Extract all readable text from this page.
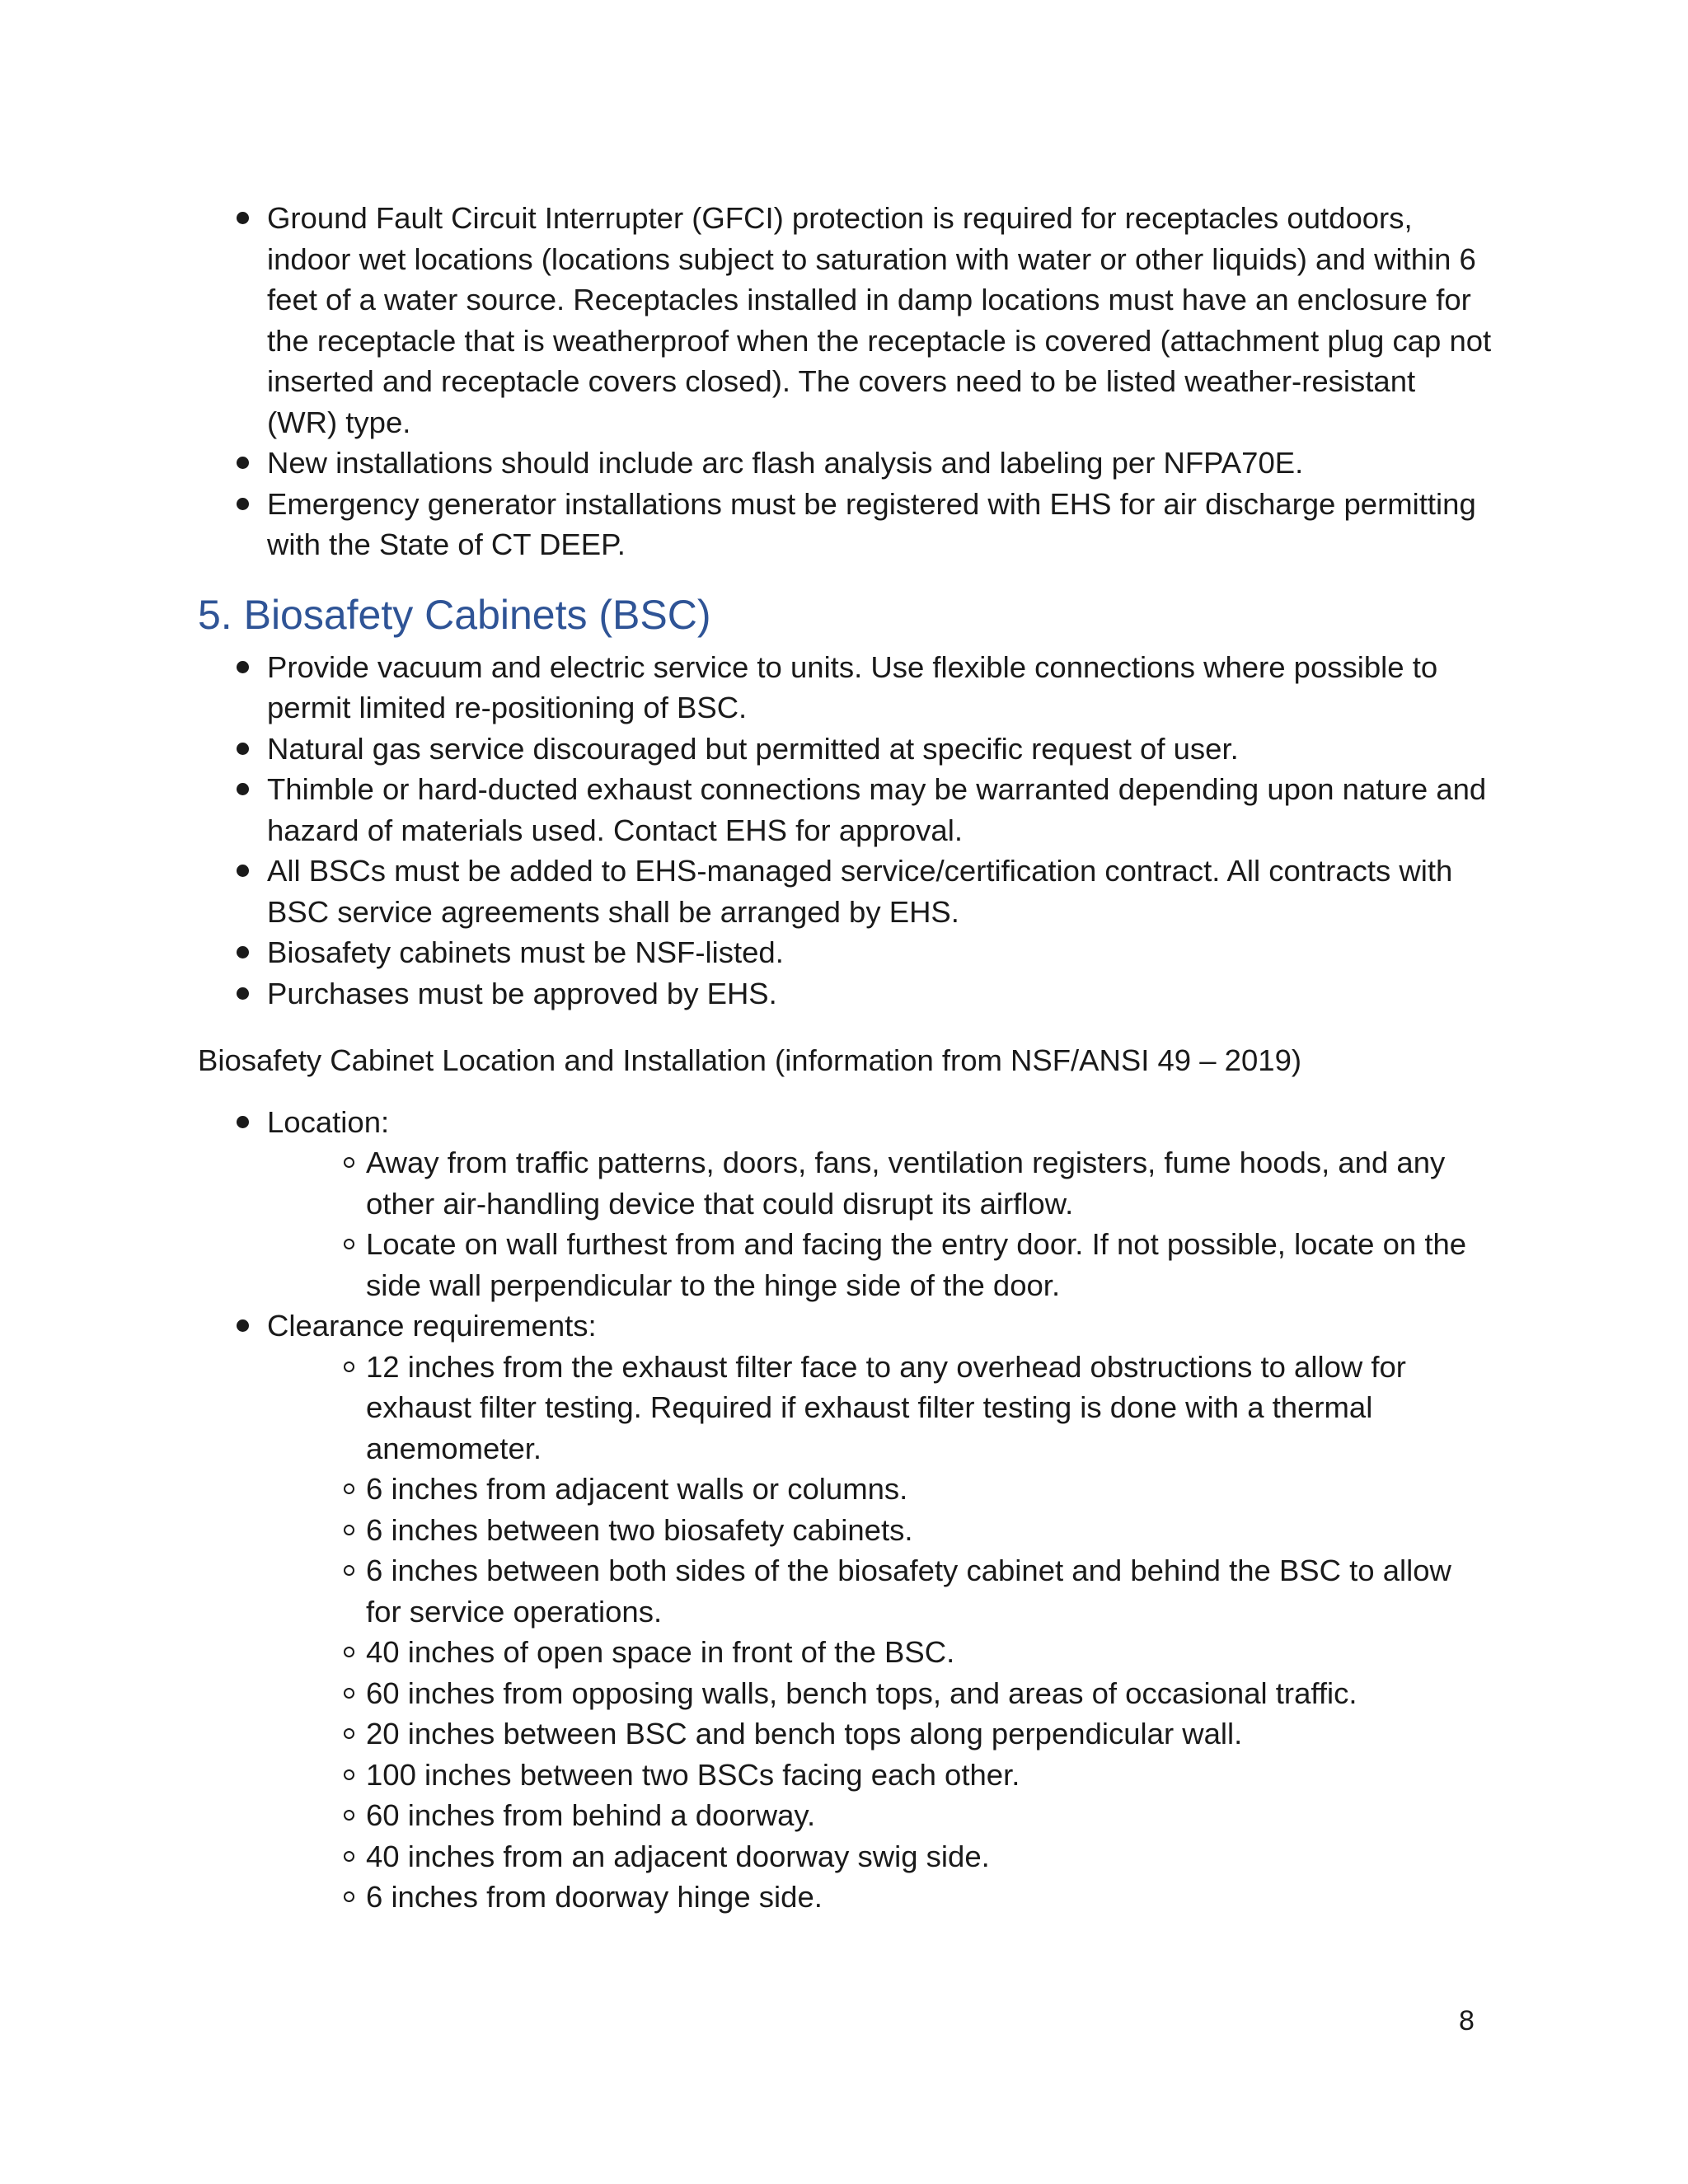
Ground Fault Circuit Interrupter (GFCI) protection is required for receptacles outdoors, indoor wet locations (locations subject to saturation with water or other liquids) and within 6 feet of a water source. Receptacles installed in damp locations must have an enclosure for the receptacle that is weatherproof when the receptacle is covered (attachment plug cap not inserted and receptacle covers closed). The covers need to be listed weather-resistant (WR) type.
New installations should include arc flash analysis and labeling per NFPA70E.
Emergency generator installations must be registered with EHS for air discharge permitting with the State of CT DEEP.
5. Biosafety Cabinets (BSC)
Provide vacuum and electric service to units. Use flexible connections where possible to permit limited re-positioning of BSC.
Natural gas service discouraged but permitted at specific request of user.
Thimble or hard-ducted exhaust connections may be warranted depending upon nature and hazard of materials used. Contact EHS for approval.
All BSCs must be added to EHS-managed service/certification contract. All contracts with BSC service agreements shall be arranged by EHS.
Biosafety cabinets must be NSF-listed.
Purchases must be approved by EHS.

Biosafety Cabinet Location and Installation (information from NSF/ANSI 49 – 2019)

Location:
Away from traffic patterns, doors, fans, ventilation registers, fume hoods, and any other air-handling device that could disrupt its airflow.
Locate on wall furthest from and facing the entry door. If not possible, locate on the side wall perpendicular to the hinge side of the door.
Clearance requirements:
12 inches from the exhaust filter face to any overhead obstructions to allow for exhaust filter testing. Required if exhaust filter testing is done with a thermal anemometer.
6 inches from adjacent walls or columns.
6 inches between two biosafety cabinets.
6 inches between both sides of the biosafety cabinet and behind the BSC to allow for service operations.
40 inches of open space in front of the BSC.
60 inches from opposing walls, bench tops, and areas of occasional traffic.
20 inches between BSC and bench tops along perpendicular wall.
100 inches between two BSCs facing each other.
60 inches from behind a doorway.
40 inches from an adjacent doorway swig side.
6 inches from doorway hinge side.
8
